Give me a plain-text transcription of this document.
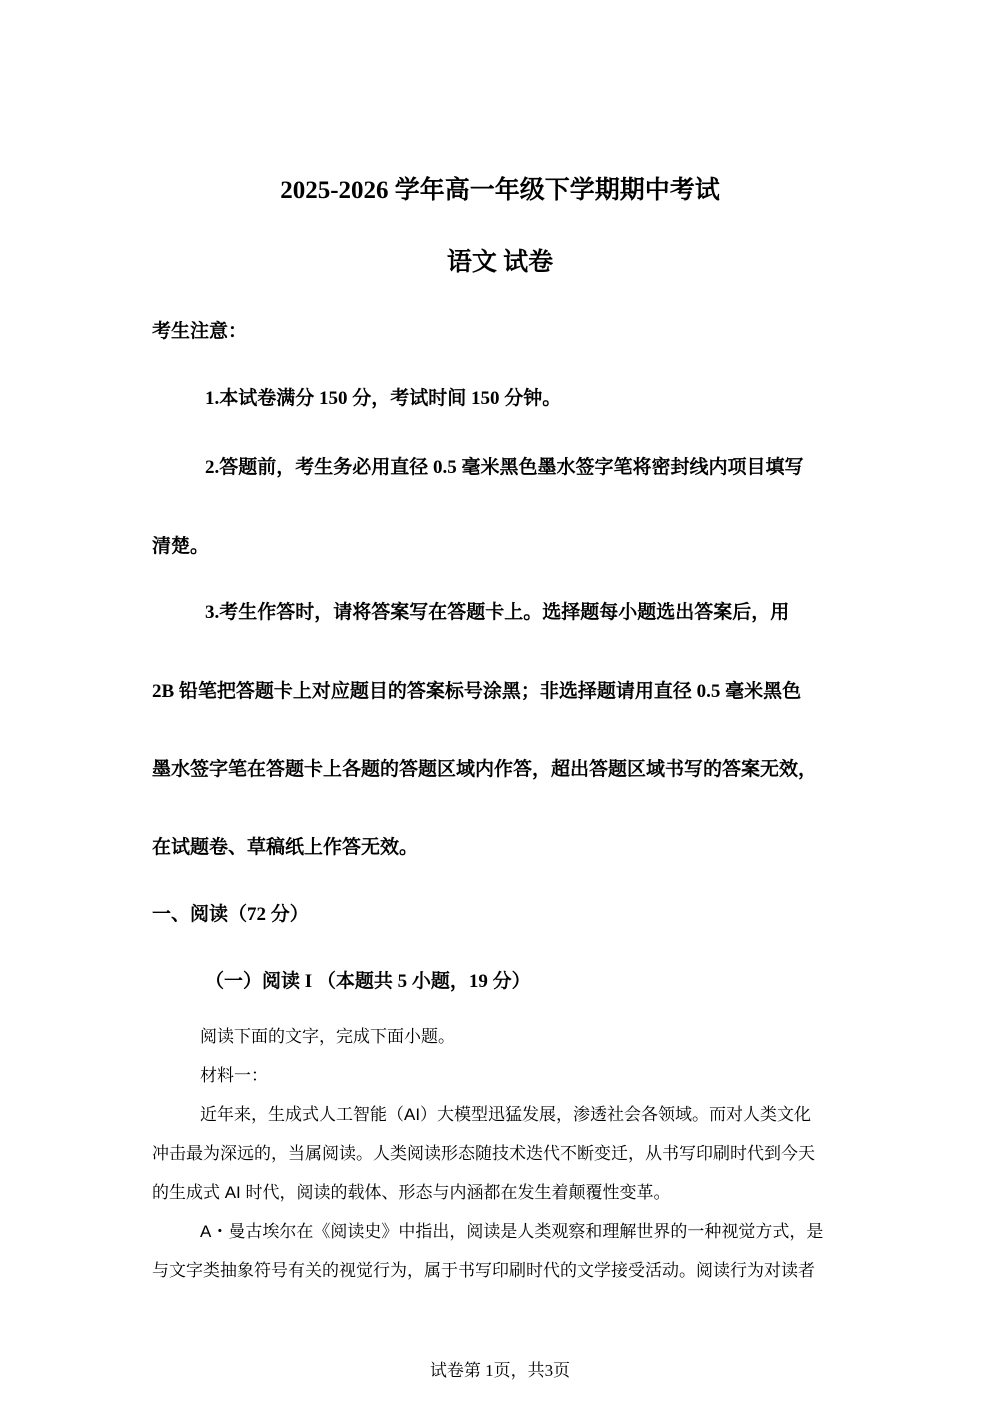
2025-2026 学年高一年级下学期期中考试
语文 试卷
考生注意：
1.本试卷满分 150 分，考试时间 150 分钟。
2.答题前，考生务必用直径 0.5 毫米黑色墨水签字笔将密封线内项目填写
清楚。
3.考生作答时，请将答案写在答题卡上。选择题每小题选出答案后，用
2B 铅笔把答题卡上对应题目的答案标号涂黑；非选择题请用直径 0.5 毫米黑色
墨水签字笔在答题卡上各题的答题区域内作答，超出答题区域书写的答案无效，
在试题卷、草稿纸上作答无效。
一、阅读（72 分）
（一）阅读 I （本题共 5 小题，19 分）
阅读下面的文字，完成下面小题。
材料一：
近年来，生成式人工智能（AI）大模型迅猛发展，渗透社会各领域。而对人类文化
冲击最为深远的，当属阅读。人类阅读形态随技术迭代不断变迁，从书写印刷时代到今天
的生成式 AI 时代，阅读的载体、形态与内涵都在发生着颠覆性变革。
A・曼古埃尔在《阅读史》中指出，阅读是人类观察和理解世界的一种视觉方式，是
与文字类抽象符号有关的视觉行为，属于书写印刷时代的文学接受活动。阅读行为对读者
试卷第 1页，共3页
